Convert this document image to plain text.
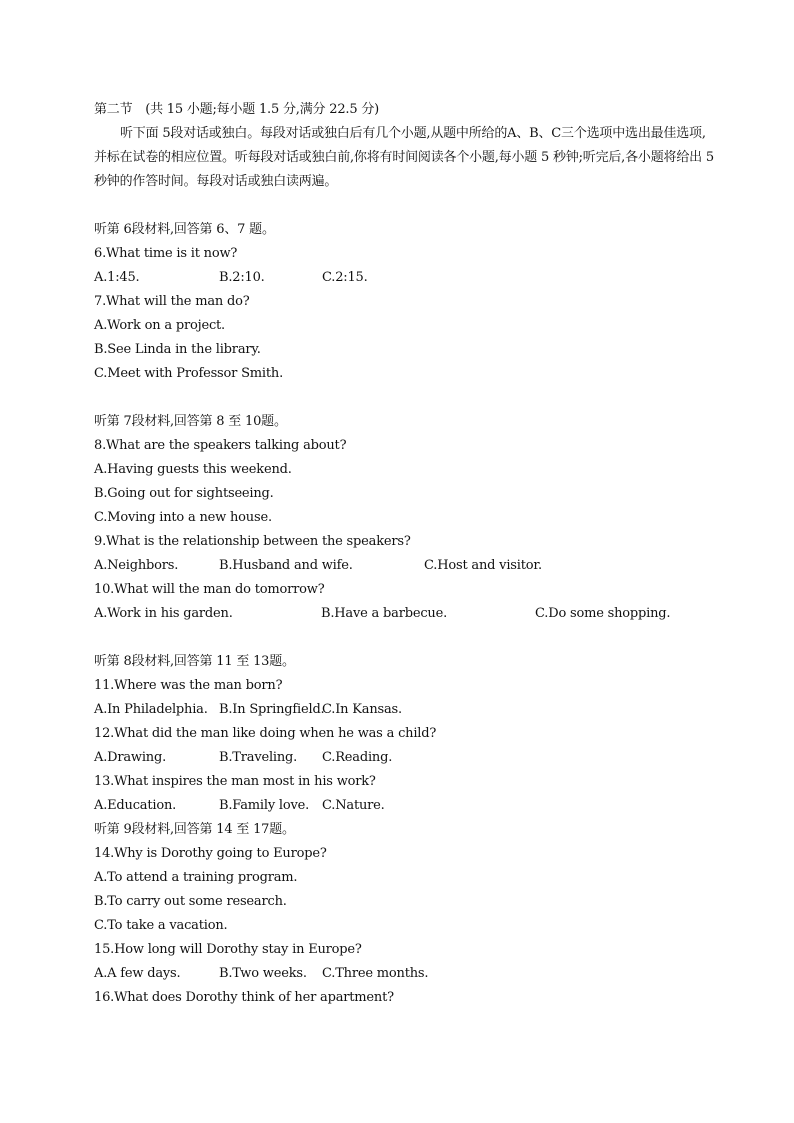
第二节　(共 15 小题;每小题 1.5 分,满分 22.5 分)

听下面 5段对话或独白。每段对话或独白后有几个小题,从题中所给的A、B、C三个选项中选出最佳选项,并标在试卷的相应位置。听每段对话或独白前,你将有时间阅读各个小题,每小题 5 秒钟;听完后,各小题将给出 5 秒钟的作答时间。每段对话或独白读两遍。

听第 6段材料,回答第 6、7 题。
6.What time is it now?
A.1:45.	B.2:10.	C.2:15.
7.What will the man do?
A.Work on a project.
B.See Linda in the library.
C.Meet with Professor Smith.
听第 7段材料,回答第 8 至 10题。
8.What are the speakers talking about?
A.Having guests this weekend.
B.Going out for sightseeing.
C.Moving into a new house.
9.What is the relationship between the speakers?
A.Neighbors.	B.Husband and wife.	C.Host and visitor.
10.What will the man do tomorrow?
A.Work in his garden.	B.Have a barbecue.	C.Do some shopping.
听第 8段材料,回答第 11 至 13题。
11.Where was the man born?
A.In Philadelphia. B.In Springfield.
C.In Kansas.
12.What did the man like doing when he was a child?
A.Drawing.	B.Traveling. C.Reading.
13.What inspires the man most in his work?
A.Education.	B.Family love. C.Nature.
听第 9段材料,回答第 14 至 17题。
14.Why is Dorothy going to Europe?
A.To attend a training program.
B.To carry out some research.
C.To take a vacation.
15.How long will Dorothy stay in Europe?
A.A few days.	B.Two weeks. C.Three months.
16.What does Dorothy think of her apartment?
